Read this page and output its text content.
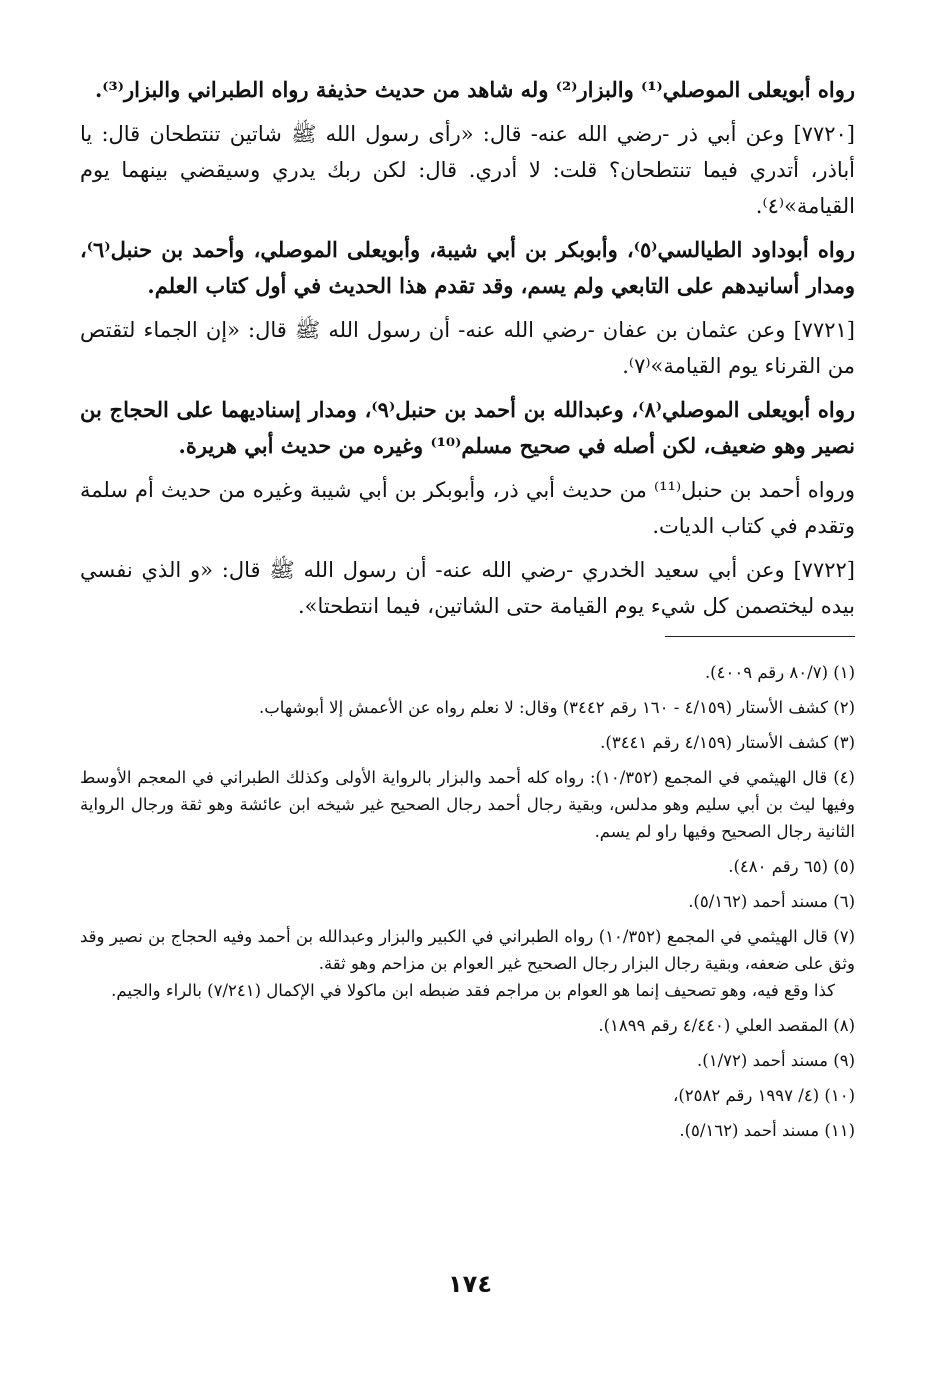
رواه أبويعلى الموصلي⁽¹⁾ والبزار⁽²⁾ وله شاهد من حديث حذيفة رواه الطبراني والبزار⁽³⁾.

[٧٧٢٠] وعن أبي ذر -رضي الله عنه- قال: «رأى رسول الله ﷺ شاتين تنتطحان قال: يا أباذر، أتدري فيما تنتطحان؟ قلت: لا أدري. قال: لكن ربك يدري وسيقضي بينهما يوم القيامة»⁽٤⁾.

رواه أبوداود الطيالسي⁽٥⁾، وأبوبكر بن أبي شيبة، وأبويعلى الموصلي، وأحمد بن حنبل⁽٦⁾، ومدار أسانيدهم على التابعي ولم يسم، وقد تقدم هذا الحديث في أول كتاب العلم.

[٧٧٢١] وعن عثمان بن عفان -رضي الله عنه- أن رسول الله ﷺ قال: «إن الجماء لتقتص من القرناء يوم القيامة»⁽٧⁾.

رواه أبويعلى الموصلي⁽٨⁾، وعبدالله بن أحمد بن حنبل⁽٩⁾، ومدار إسناديهما على الحجاج بن نصير وهو ضعيف، لكن أصله في صحيح مسلم⁽¹⁰⁾ وغيره من حديث أبي هريرة.

ورواه أحمد بن حنبل⁽¹¹⁾ من حديث أبي ذر، وأبوبكر بن أبي شيبة وغيره من حديث أم سلمة وتقدم في كتاب الديات.

[٧٧٢٢] وعن أبي سعيد الخدري -رضي الله عنه- أن رسول الله ﷺ قال: «و الذي نفسي بيده ليختصمن كل شيء يوم القيامة حتى الشاتين، فيما انتطحتا».

(١) (٨٠/٧ رقم ٤٠٠٩).

(٢) كشف الأستار (٤/١٥٩ - ١٦٠ رقم ٣٤٤٢) وقال: لا نعلم رواه عن الأعمش إلا أبوشهاب.

(٣) كشف الأستار (٤/١٥٩ رقم ٣٤٤١).

(٤) قال الهيثمي في المجمع (١٠/٣٥٢): رواه كله أحمد والبزار بالرواية الأولى وكذلك الطبراني في المعجم الأوسط وفيها ليث بن أبي سليم وهو مدلس، وبقية رجال أحمد رجال الصحيح غير شيخه ابن عائشة وهو ثقة ورجال الرواية الثانية رجال الصحيح وفيها راو لم يسم.

(٥) (٦٥ رقم ٤٨٠).

(٦) مسند أحمد (٥/١٦٢).

(٧) قال الهيثمي في المجمع (١٠/٣٥٢) رواه الطبراني في الكبير والبزار وعبدالله بن أحمد وفيه الحجاج بن نصير وقد وثق على ضعفه، وبقية رجال البزار رجال الصحيح غير العوام بن مزاحم وهو ثقة.

كذا وقع فيه، وهو تصحيف إنما هو العوام بن مراجم فقد ضبطه ابن ماكولا في الإكمال (٧/٢٤١) بالراء والجيم.

(٨) المقصد العلي (٤/٤٤٠ رقم ١٨٩٩).

(٩) مسند أحمد (١/٧٢).

(١٠) (٤/ ١٩٩٧ رقم ٢٥٨٢)،

(١١) مسند أحمد (٥/١٦٢).

١٧٤
